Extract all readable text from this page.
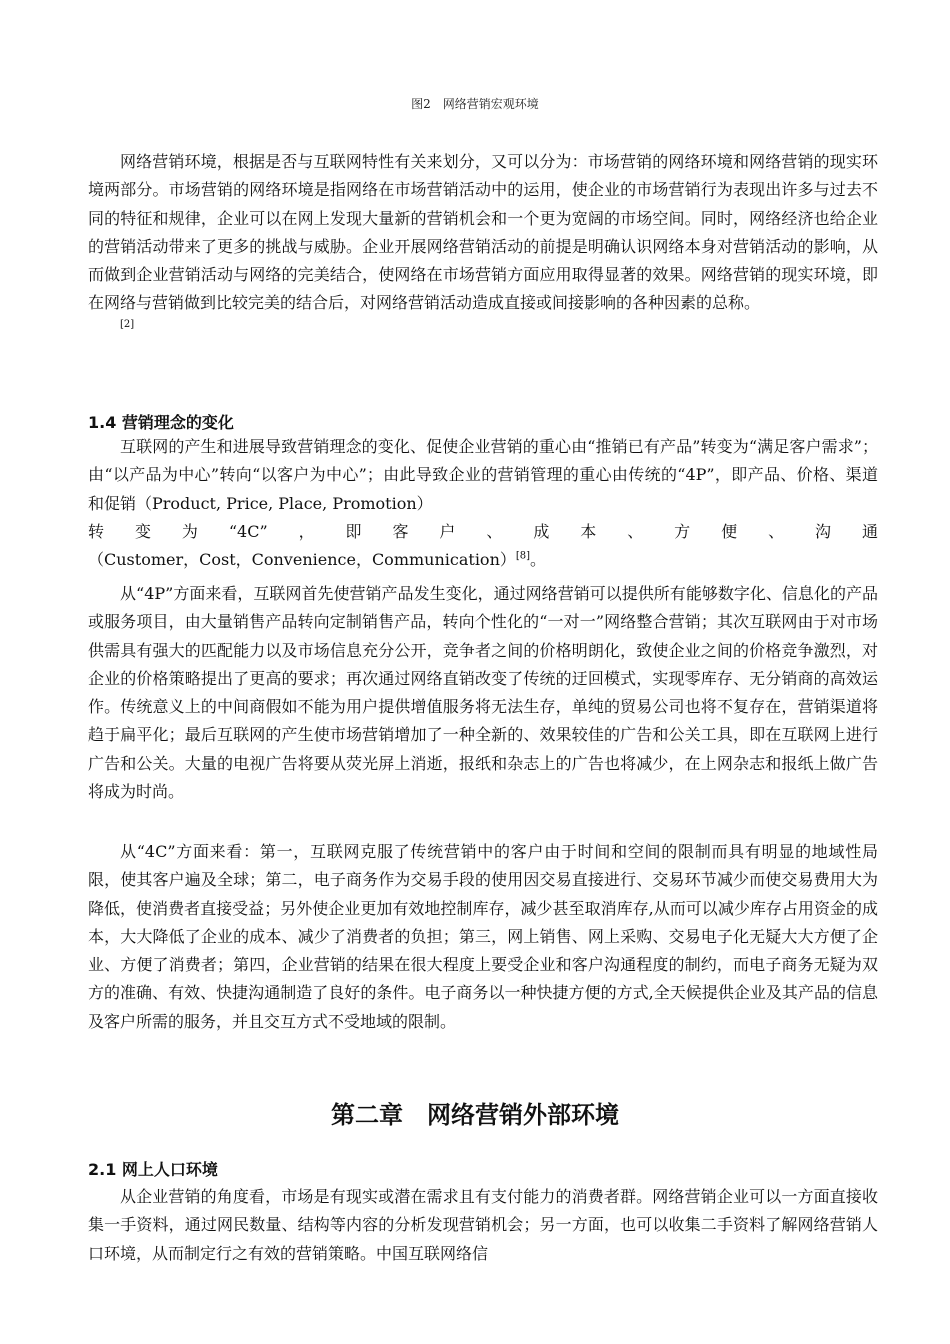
图2　网络营销宏观环境
网络营销环境，根据是否与互联网特性有关来划分，又可以分为：市场营销的网络环境和网络营销的现实环境两部分。市场营销的网络环境是指网络在市场营销活动中的运用，使企业的市场营销行为表现出许多与过去不同的特征和规律，企业可以在网上发现大量新的营销机会和一个更为宽阔的市场空间。同时，网络经济也给企业的营销活动带来了更多的挑战与威胁。企业开展网络营销活动的前提是明确认识网络本身对营销活动的影响，从而做到企业营销活动与网络的完美结合，使网络在市场营销方面应用取得显著的效果。网络营销的现实环境，即在网络与营销做到比较完美的结合后，对网络营销活动造成直接或间接影响的各种因素的总称。
[2]
1.4 营销理念的变化
互联网的产生和进展导致营销理念的变化、促使企业营销的重心由“推销已有产品”转变为“满足客户需求”；由“以产品为中心”转向“以客户为中心”；由此导致企业的营销管理的重心由传统的“4P”，即产品、价格、渠道和促销（Product, Price, Place, Promotion）
转变为“4C”，即客户、成本、方便、沟通
（Customer，Cost，Convenience，Communication）[8]。
从“4P”方面来看，互联网首先使营销产品发生变化，通过网络营销可以提供所有能够数字化、信息化的产品或服务项目，由大量销售产品转向定制销售产品，转向个性化的“一对一”网络整合营销；其次互联网由于对市场供需具有强大的匹配能力以及市场信息充分公开，竞争者之间的价格明朗化，致使企业之间的价格竞争激烈，对企业的价格策略提出了更高的要求；再次通过网络直销改变了传统的迂回模式，实现零库存、无分销商的高效运作。传统意义上的中间商假如不能为用户提供增值服务将无法生存，单纯的贸易公司也将不复存在，营销渠道将趋于扁平化；最后互联网的产生使市场营销增加了一种全新的、效果较佳的广告和公关工具，即在互联网上进行广告和公关。大量的电视广告将要从荧光屏上消逝，报纸和杂志上的广告也将减少，在上网杂志和报纸上做广告将成为时尚。
从“4C”方面来看：第一，互联网克服了传统营销中的客户由于时间和空间的限制而具有明显的地域性局限，使其客户遍及全球；第二，电子商务作为交易手段的使用因交易直接进行、交易环节减少而使交易费用大为降低，使消费者直接受益；另外使企业更加有效地控制库存，减少甚至取消库存,从而可以减少库存占用资金的成本，大大降低了企业的成本、减少了消费者的负担；第三，网上销售、网上采购、交易电子化无疑大大方便了企业、方便了消费者；第四，企业营销的结果在很大程度上要受企业和客户沟通程度的制约，而电子商务无疑为双方的准确、有效、快捷沟通制造了良好的条件。电子商务以一种快捷方便的方式,全天候提供企业及其产品的信息及客户所需的服务，并且交互方式不受地域的限制。
第二章　网络营销外部环境
2.1 网上人口环境
从企业营销的角度看，市场是有现实或潜在需求且有支付能力的消费者群。网络营销企业可以一方面直接收集一手资料，通过网民数量、结构等内容的分析发现营销机会；另一方面，也可以收集二手资料了解网络营销人口环境，从而制定行之有效的营销策略。中国互联网络信
